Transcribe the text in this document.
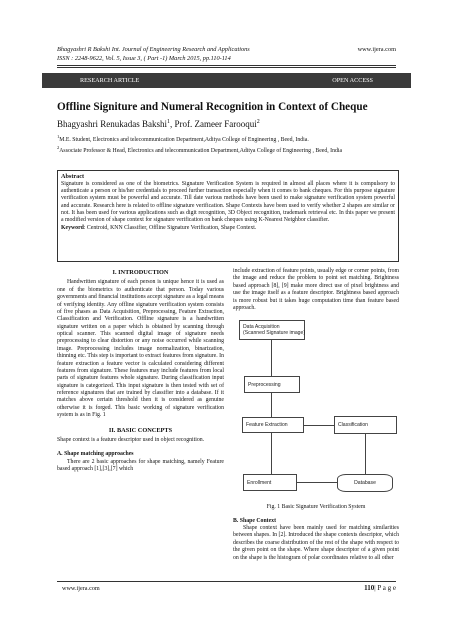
Bhagyashri R Bakshi Int. Journal of Engineering Research and Applications
ISSN : 2248-9622, Vol. 5, Issue 3, ( Part -1) March 2015, pp.110-114
www.ijera.com
RESEARCH ARTICLE	OPEN ACCESS
Offline Signiture and Numeral Recognition in Context of Cheque
Bhagyashri Renukadas Bakshi$^1$, Prof. Zameer Farooqui$^2$
$^1$M.E. Student, Electronics and telecommunication Department,Aditya College of Engineering , Beed, India.
$^2$Associate Professor & Head, Electronics and telecommunication Department,Aditya College of Engineering , Beed, India
Abstract
Signature is considered as one of the biometrics. Signature Verification System is required in almost all places where it is compulsory to authenticate a person or his/her credentials to proceed further transaction especially when it comes to bank cheques. For this purpose signature verification system must be powerful and accurate. Till date various methods have been used to make signature verification system powerful and accurate. Research here is related to offline signature verification. Shape Contexts have been used to verify whether 2 shapes are similar or not. It has been used for various applications such as digit recognition, 3D Object recognition, trademark retrieval etc. In this paper we present a modified version of shape context for signature verification on bank cheques using K-Nearest Neighbor classifier.
Keyword: Centroid, KNN Classifier, Offline Signature Verification, Shape Context.
I. INTRODUCTION
Handwritten signature of each person is unique hence it is used as one of the biometrics to authenticate that person. Today various governments and financial institutions accept signature as a legal means of verifying identity. Any offline signature verification system consists of five phases as Data Acquisition, Preprocessing, Feature Extraction, Classification and Verification. Offline signature is a handwritten signature written on a paper which is obtained by scanning through optical scanner. This scanned digital image of signature needs preprocessing to clear distortion or any noise occurred while scanning image. Preprocessing includes image normalization, binarization, thinning etc. This step is important to extract features from signature. In feature extraction a feature vector is calculated considering different features from signature. These features may include features from local parts of signature features whole signature. During classification input signature is categorized. This input signature is then tested with set of reference signatures that are trained by classifier into a database. If it matches above certain threshold then it is considered as genuine otherwise it is forged. This basic working of signature verification system is as in Fig. 1
II. BASIC CONCEPTS
Shape context is a feature descriptor used in object recognition.
A. Shape matching approaches
There are 2 basic approaches for shape matching, namely Feature based approach [1],[3],[7] which
include extraction of feature points, usually edge or corner points, from the image and reduce the problem to point set matching. Brightness based approach [8], [9] make more direct use of pixel brightness and use the image itself as a feature descriptor. Brightness based approach is more robust but it takes huge computation time than feature based approach.
Data Acquisition
(Scanned Signature image)
Preprocessing
Feature Extraction	Classification
Enrollment	Database
Fig. 1 Basic Signature Verification System
B. Shape Context
Shape context have been mainly used for matching similarities between shapes. In [2]. Introduced the shape contexts descriptor, which describes the coarse distribution of the rest of the shape with respect to the given point on the shape. Where shape descriptor of a given point on the shape is the histogram of polar coordinates relative to all other
www.ijera.com	110| P a g e
